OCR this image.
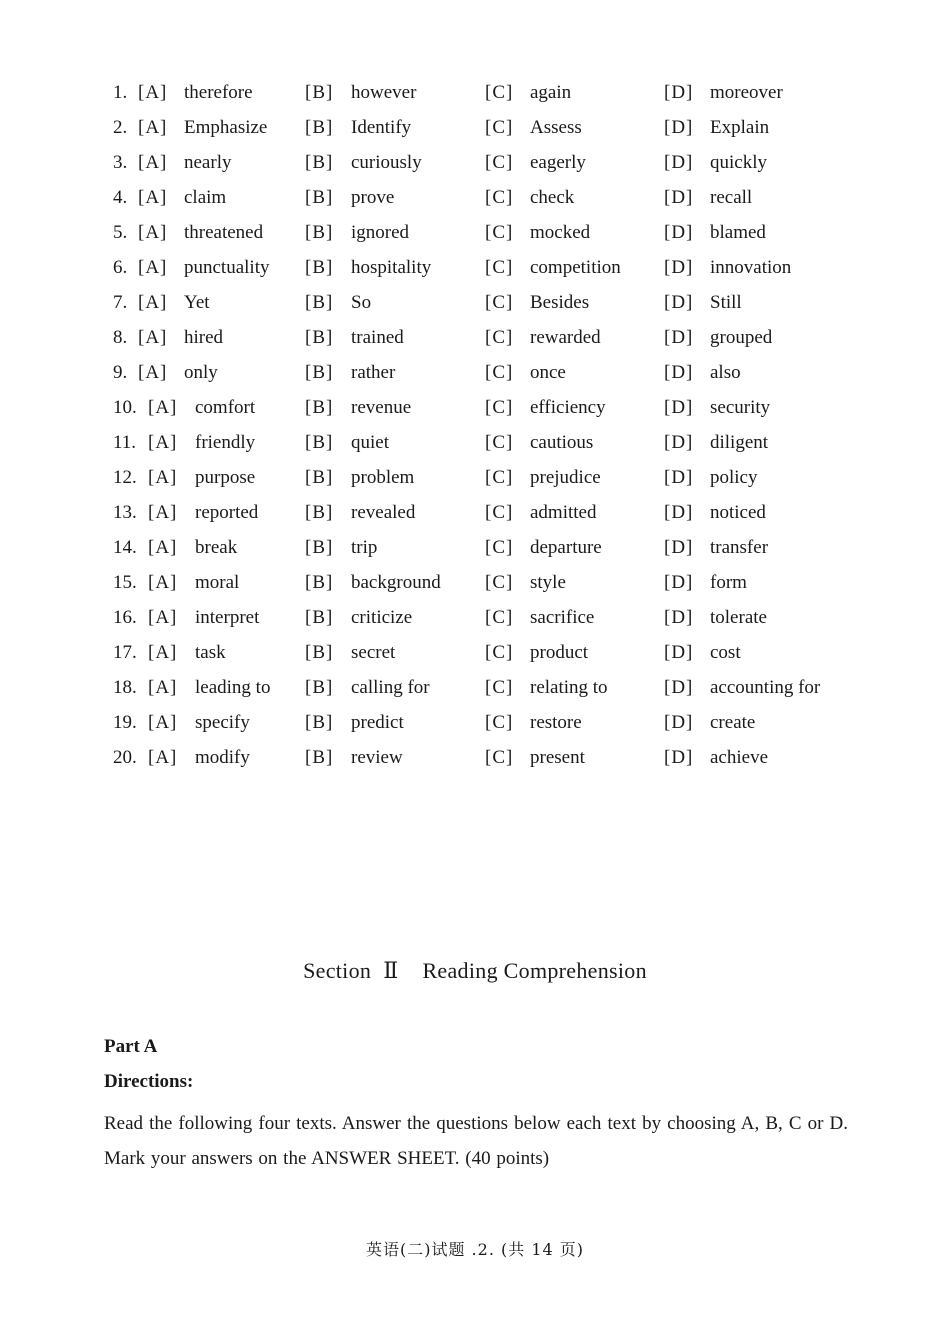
1. [A] therefore	[B] however	[C] again	[D] moreover
2. [A] Emphasize [B] Identify	[C] Assess	[D] Explain
3. [A] nearly	[B] curiously	[C] eagerly	[D] quickly
4. [A] claim	[B] prove	[C] check	[D] recall
5. [A] threatened [B] ignored	[C] mocked	[D] blamed
6. [A] punctuality [B] hospitality	[C] competition [D] innovation
7. [A] Yet	[B] So	[C] Besides	[D] Still
8. [A] hired	[B] trained	[C] rewarded	[D] grouped
9. [A] only	[B] rather	[C] once	[D] also
10. [A] comfort	[B] revenue	[C] efficiency	[D] security
11. [A] friendly	[B] quiet	[C] cautious	[D] diligent
12. [A] purpose	[B] problem	[C] prejudice	[D] policy
13. [A] reported [B] revealed	[C] admitted	[D] noticed
14. [A] break	[B] trip	[C] departure	[D] transfer
15. [A] moral	[B] background [C] style	[D] form
16. [A] interpret [B] criticize	[C] sacrifice	[D] tolerate
17. [A] task	[B] secret	[C] product	[D] cost
18. [A] leading to [B] calling for	[C] relating to	[D] accounting for
19. [A] specify	[B] predict	[C] restore	[D] create
20. [A] modify	[B] review	[C] present	[D] achieve
Section Ⅱ Reading Comprehension
Part A
Directions:
Read the following four texts. Answer the questions below each text by choosing A, B, C or D. Mark your answers on the ANSWER SHEET. (40 points)
英语(二)试题 .2. (共 14 页)
